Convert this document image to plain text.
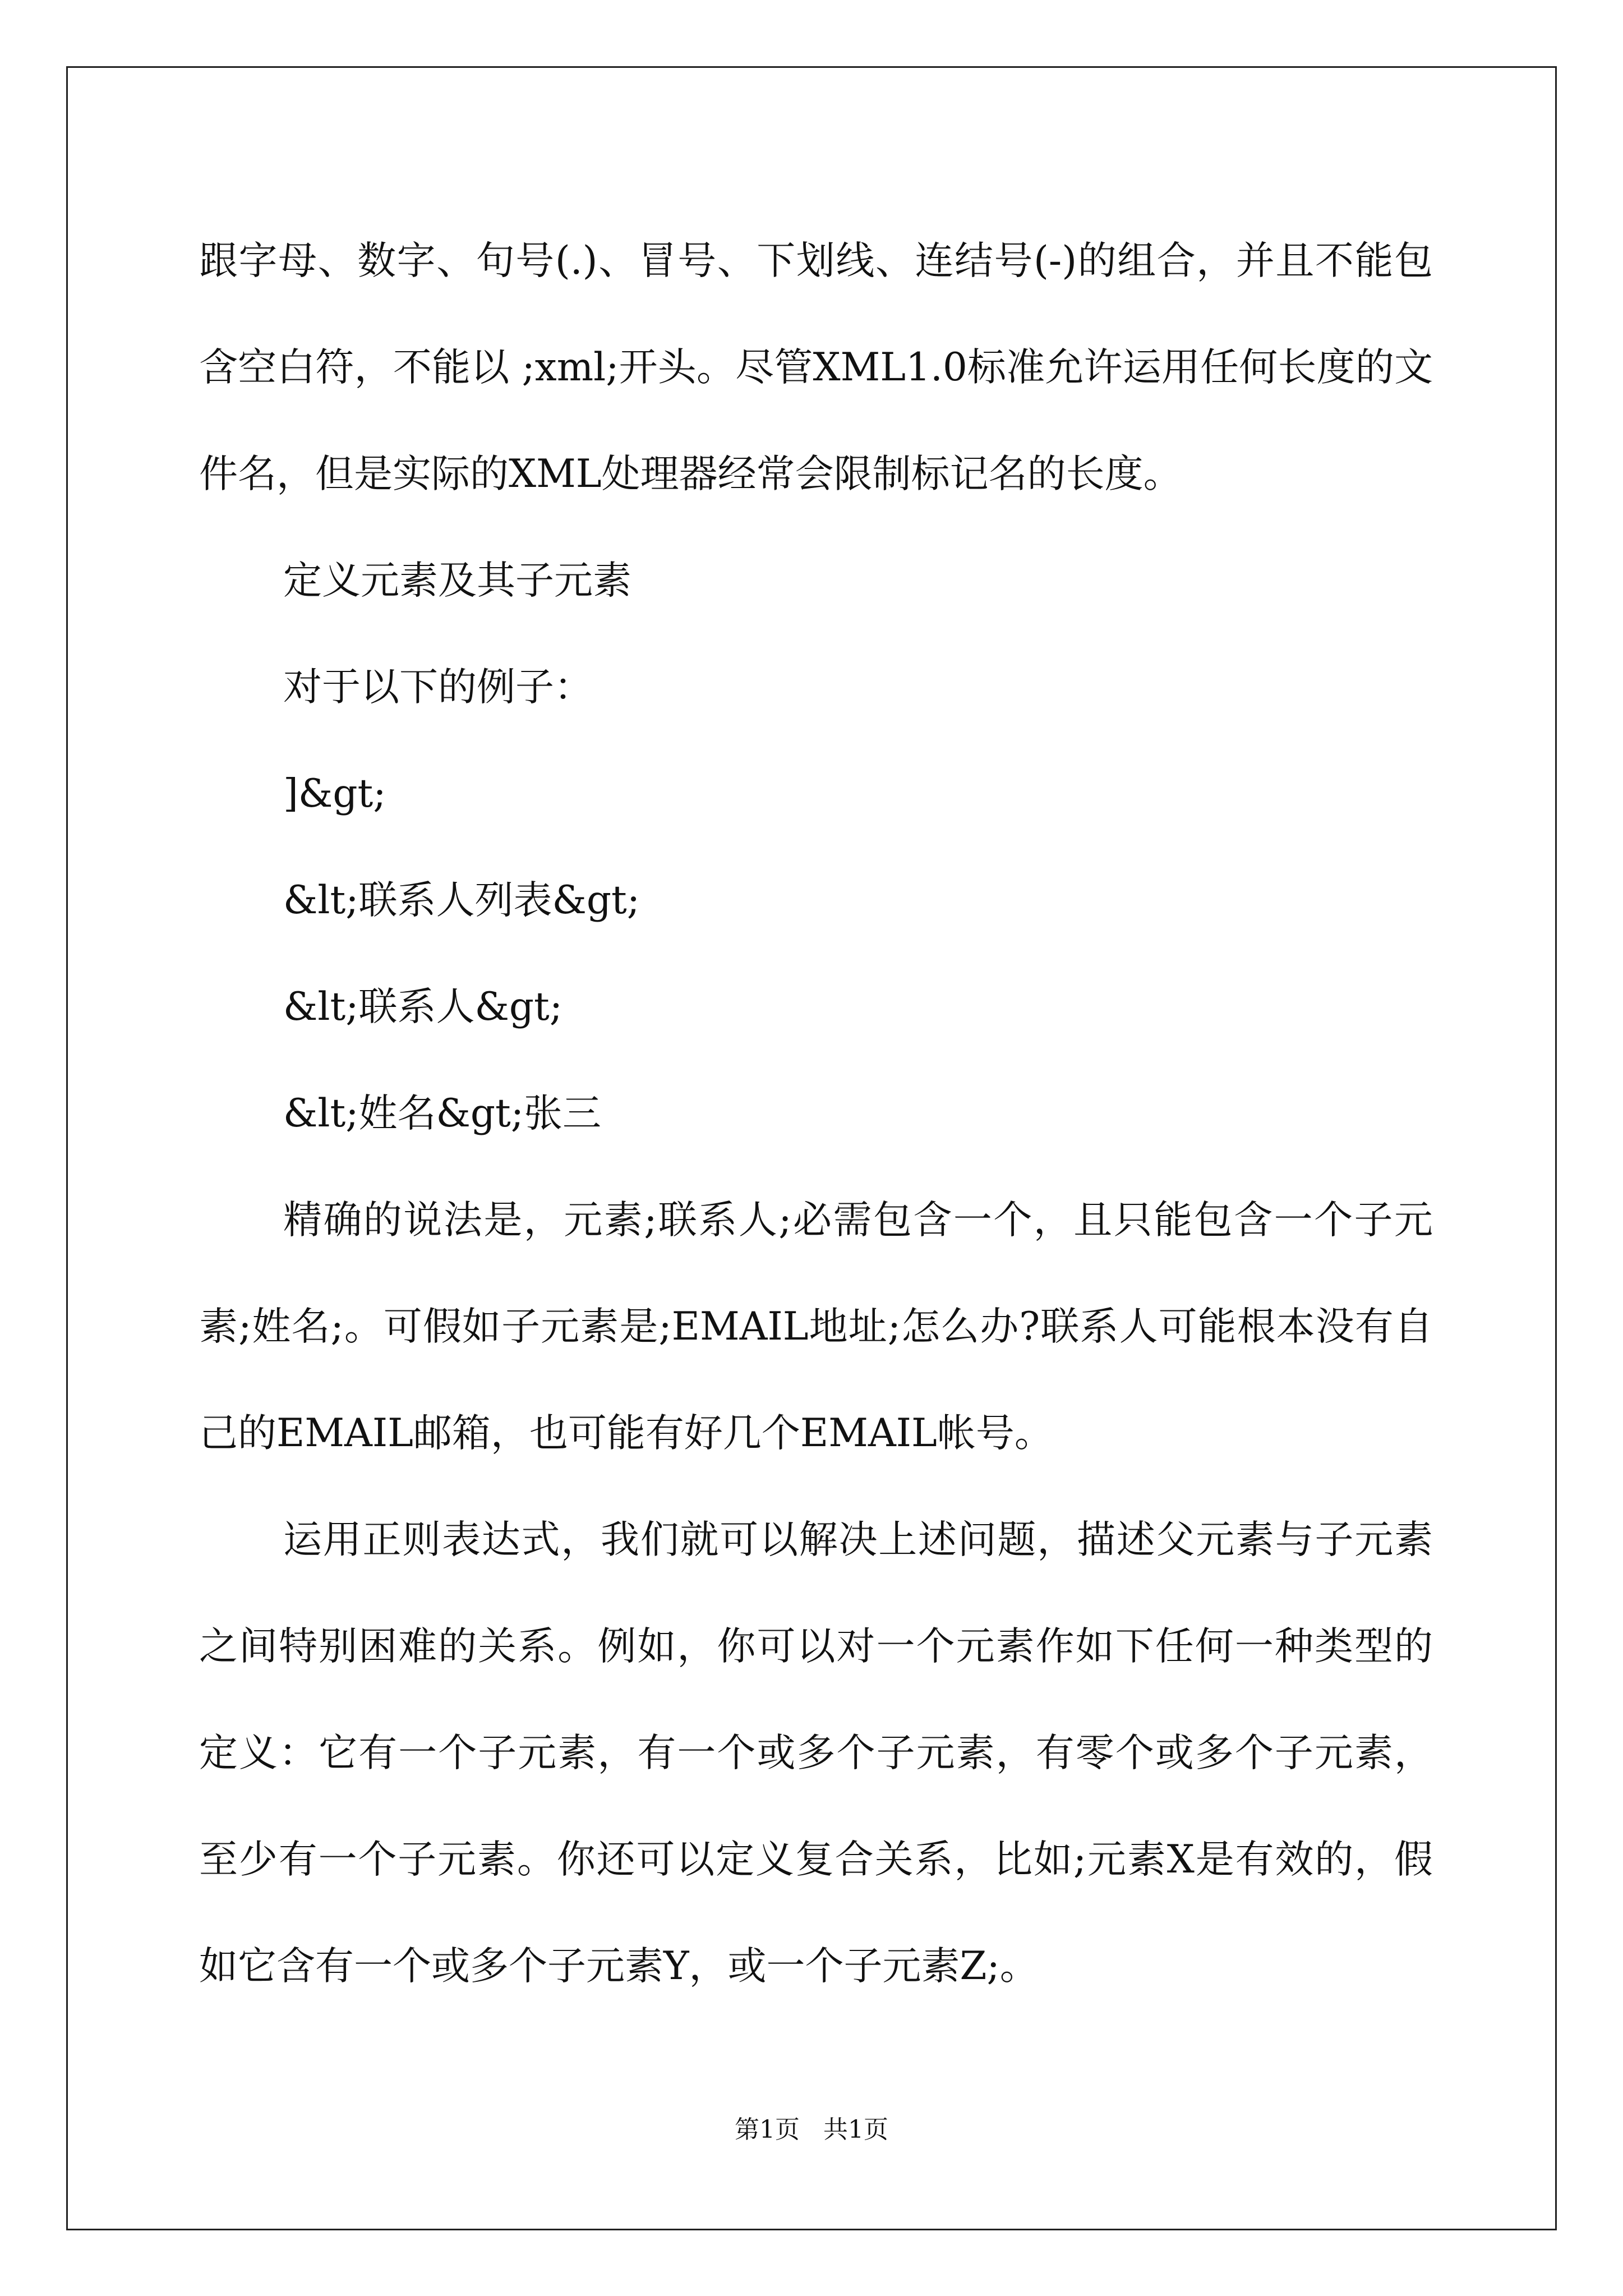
跟字母、数字、句号(.)、冒号、下划线、连结号(-)的组合，并且不能包含空白符，不能以 ;xml;开头。尽管XML1.0标准允许运用任何长度的文件名，但是实际的XML处理器经常会限制标记名的长度。

定义元素及其子元素

对于以下的例子：

]&gt;

&lt;联系人列表&gt;

&lt;联系人&gt;

&lt;姓名&gt;张三

精确的说法是，元素;联系人;必需包含一个，且只能包含一个子元素;姓名;。可假如子元素是;EMAIL地址;怎么办?联系人可能根本没有自己的EMAIL邮箱，也可能有好几个EMAIL帐号。

运用正则表达式，我们就可以解决上述问题，描述父元素与子元素之间特别困难的关系。例如，你可以对一个元素作如下任何一种类型的定义：它有一个子元素，有一个或多个子元素，有零个或多个子元素，至少有一个子元素。你还可以定义复合关系，比如;元素X是有效的，假如它含有一个或多个子元素Y，或一个子元素Z;。

第1页   共1页
